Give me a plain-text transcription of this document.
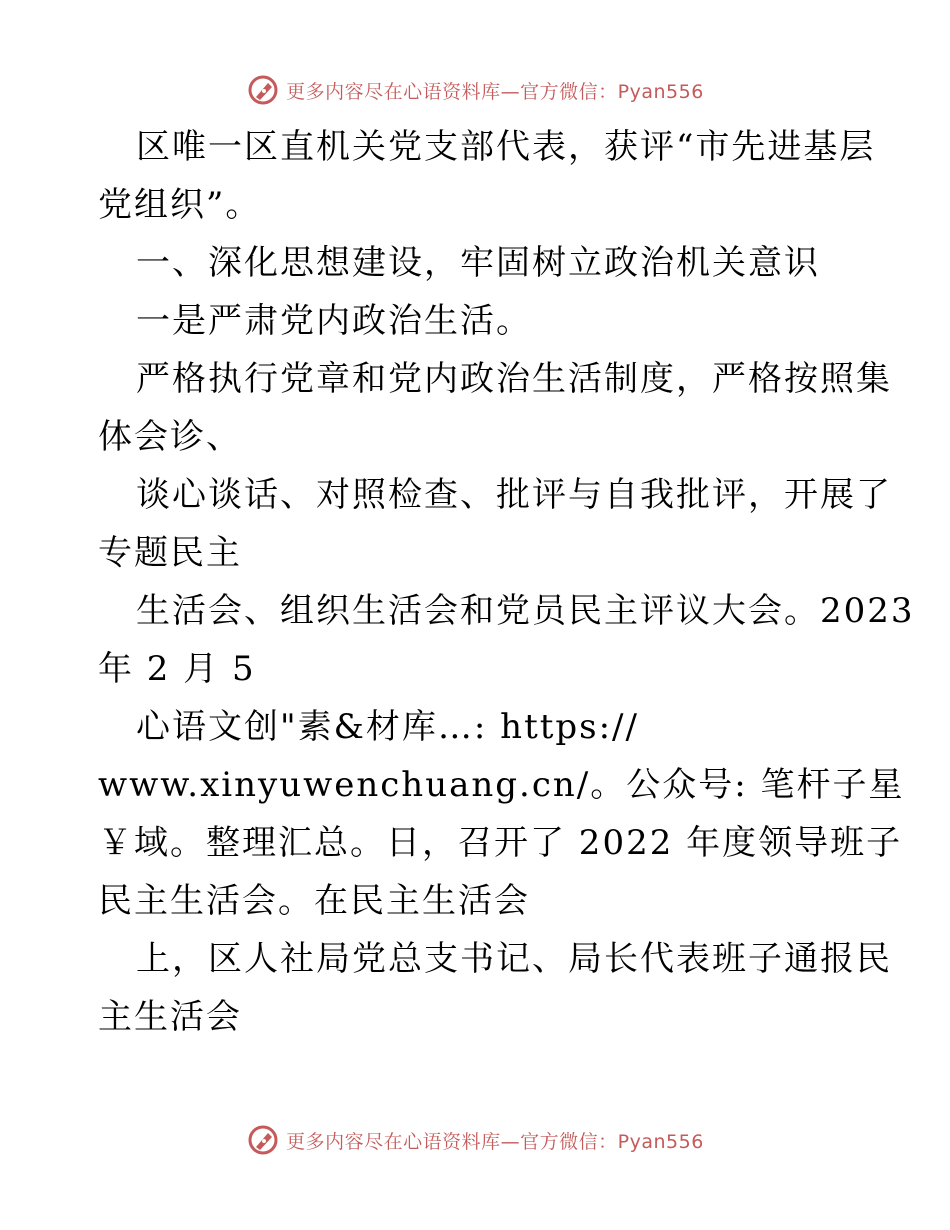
更多内容尽在心语资料库—官方微信：Pyan556
区唯一区直机关党支部代表，获评“市先进基层
党组织”。
一、深化思想建设，牢固树立政治机关意识
一是严肃党内政治生活。
严格执行党章和党内政治生活制度，严格按照集
体会诊、
谈心谈话、对照检查、批评与自我批评，开展了
专题民主
生活会、组织生活会和党员民主评议大会。2023
年 2 月 5
心语文创"素&材库…: https://
www.xinyuwenchuang.cn/。公众号: 笔杆子星
￥域。整理汇总。日，召开了 2022 年度领导班子
民主生活会。在民主生活会
上，区人社局党总支书记、局长代表班子通报民
主生活会
更多内容尽在心语资料库—官方微信：Pyan556
